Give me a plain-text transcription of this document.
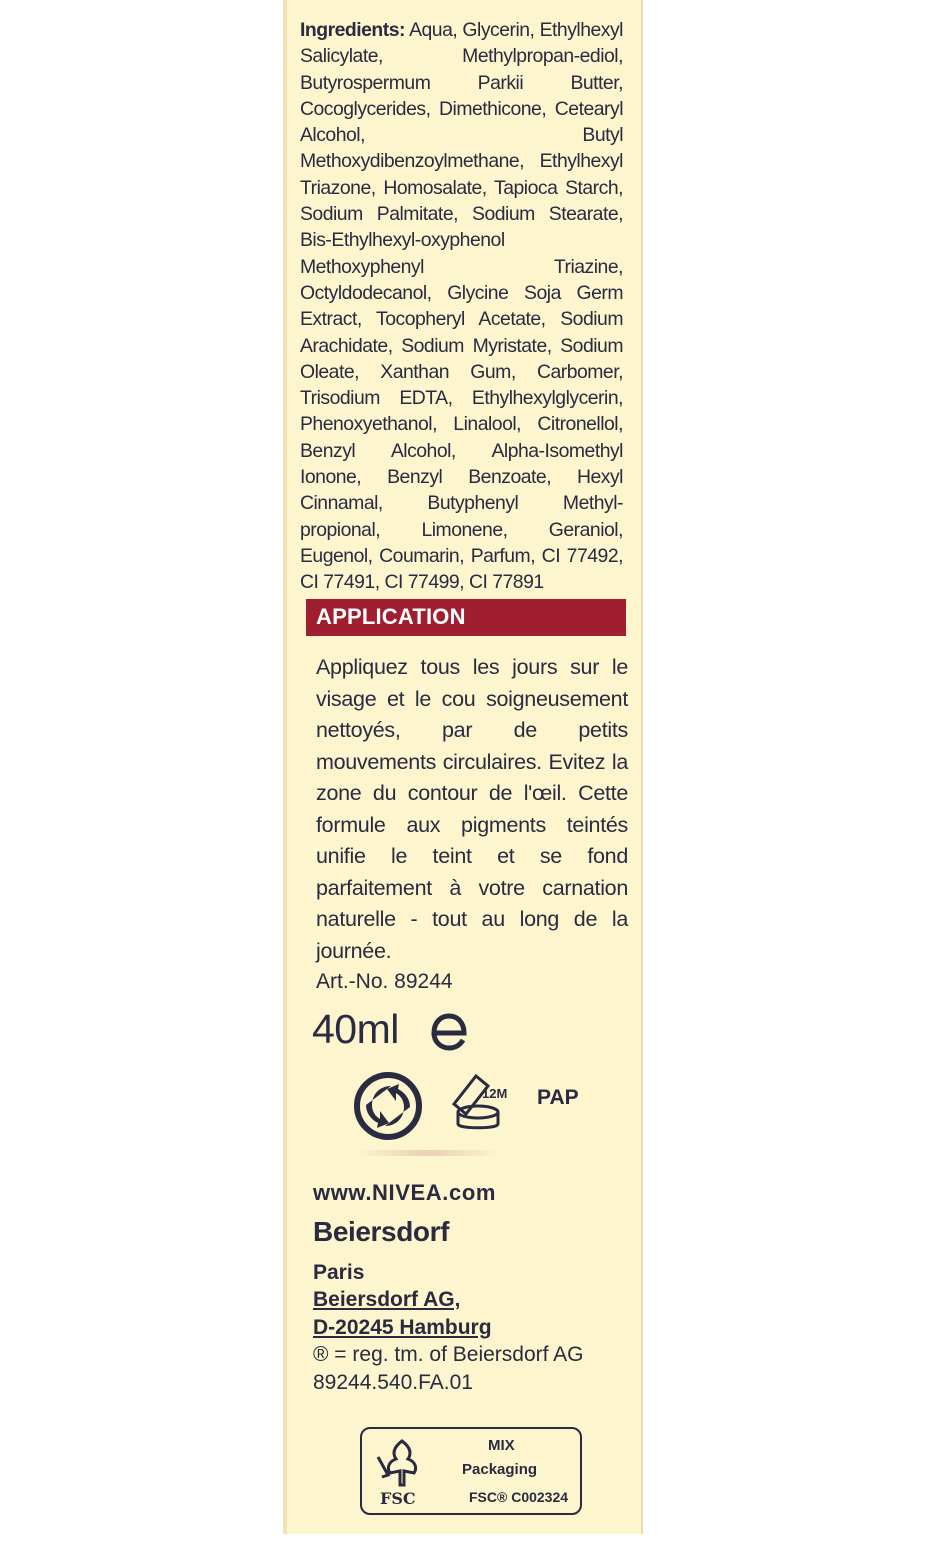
Ingredients: Aqua, Glycerin, Ethylhexyl Salicylate, Methylpropan-ediol, Butyrospermum Parkii Butter, Cocoglycerides, Dimethicone, Cetearyl Alcohol, Butyl Methoxydibenzoylmethane, Ethylhexyl Triazone, Homosalate, Tapioca Starch, Sodium Palmitate, Sodium Stearate, Bis-Ethylhexyl-oxyphenol Methoxyphenyl Triazine, Octyldodecanol, Glycine Soja Germ Extract, Tocopheryl Acetate, Sodium Arachidate, Sodium Myristate, Sodium Oleate, Xanthan Gum, Carbomer, Trisodium EDTA, Ethylhexylglycerin, Phenoxyethanol, Linalool, Citronellol, Benzyl Alcohol, Alpha-Isomethyl Ionone, Benzyl Benzoate, Hexyl Cinnamal, Butyphenyl Methyl-propional, Limonene, Geraniol, Eugenol, Coumarin, Parfum, CI 77492, CI 77491, CI 77499, CI 77891
APPLICATION
Appliquez tous les jours sur le visage et le cou soigneusement nettoyés, par de petits mouvements circulaires. Evitez la zone du contour de l'œil. Cette formule aux pigments teintés unifie le teint et se fond parfaitement à votre carnation naturelle - tout au long de la journée.
Art.-No. 89244
40ml
12M PAP
www.NIVEA.com
Beiersdorf
Paris
Beiersdorf AG,
D-20245 Hamburg
® = reg. tm. of Beiersdorf AG
89244.540.FA.01
FSC
MIX
Packaging
FSC® C002324
